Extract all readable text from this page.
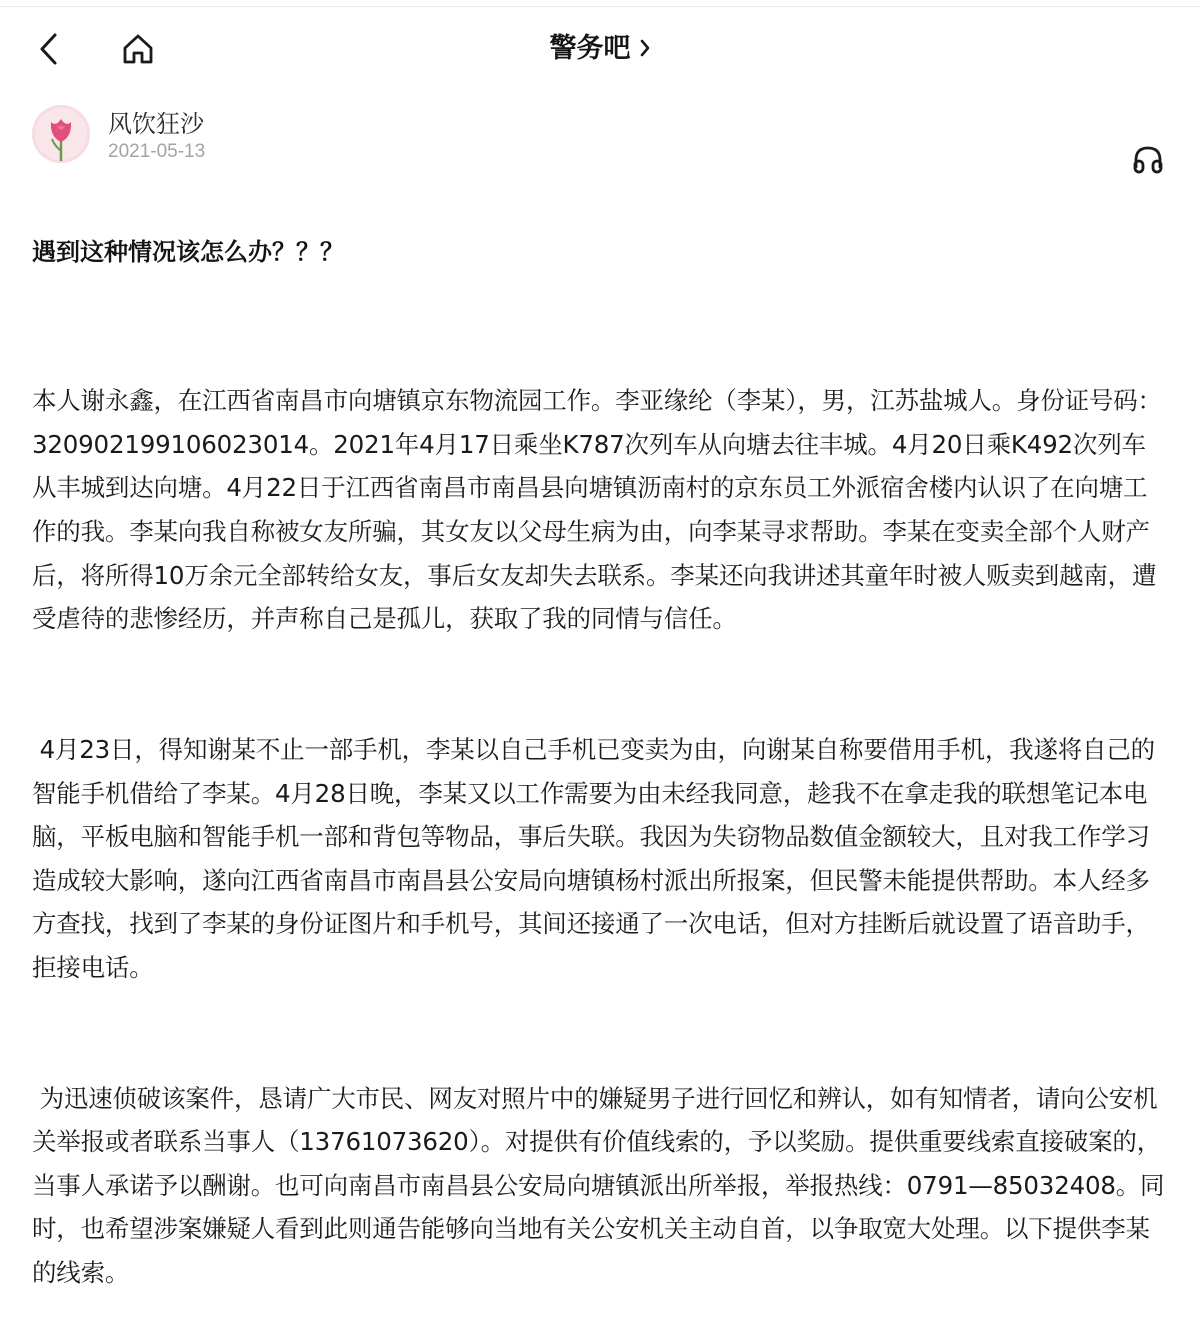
警务吧
风饮狂沙
2021-05-13
遇到这种情况该怎么办？？？

本人谢永鑫，在江西省南昌市向塘镇京东物流园工作。李亚缘纶（李某），男，江苏盐城人。身份证号码：320902199106023014。2021年4月17日乘坐K787次列车从向塘去往丰城。4月20日乘K492次列车从丰城到达向塘。4月22日于江西省南昌市南昌县向塘镇沥南村的京东员工外派宿舍楼内认识了在向塘工作的我。李某向我自称被女友所骗，其女友以父母生病为由，向李某寻求帮助。李某在变卖全部个人财产后，将所得10万余元全部转给女友，事后女友却失去联系。李某还向我讲述其童年时被人贩卖到越南，遭受虐待的悲惨经历，并声称自己是孤儿，获取了我的同情与信任。

4月23日，得知谢某不止一部手机，李某以自己手机已变卖为由，向谢某自称要借用手机，我遂将自己的智能手机借给了李某。4月28日晚，李某又以工作需要为由未经我同意，趁我不在拿走我的联想笔记本电脑，平板电脑和智能手机一部和背包等物品，事后失联。我因为失窃物品数值金额较大，且对我工作学习造成较大影响，遂向江西省南昌市南昌县公安局向塘镇杨村派出所报案，但民警未能提供帮助。本人经多方查找，找到了李某的身份证图片和手机号，其间还接通了一次电话，但对方挂断后就设置了语音助手，拒接电话。

为迅速侦破该案件，恳请广大市民、网友对照片中的嫌疑男子进行回忆和辨认，如有知情者，请向公安机关举报或者联系当事人（13761073620）。对提供有价值线索的，予以奖励。提供重要线索直接破案的，当事人承诺予以酬谢。也可向南昌市南昌县公安局向塘镇派出所举报，举报热线：0791—85032408。同时，也希望涉案嫌疑人看到此则通告能够向当地有关公安机关主动自首，以争取宽大处理。以下提供李某的线索。
